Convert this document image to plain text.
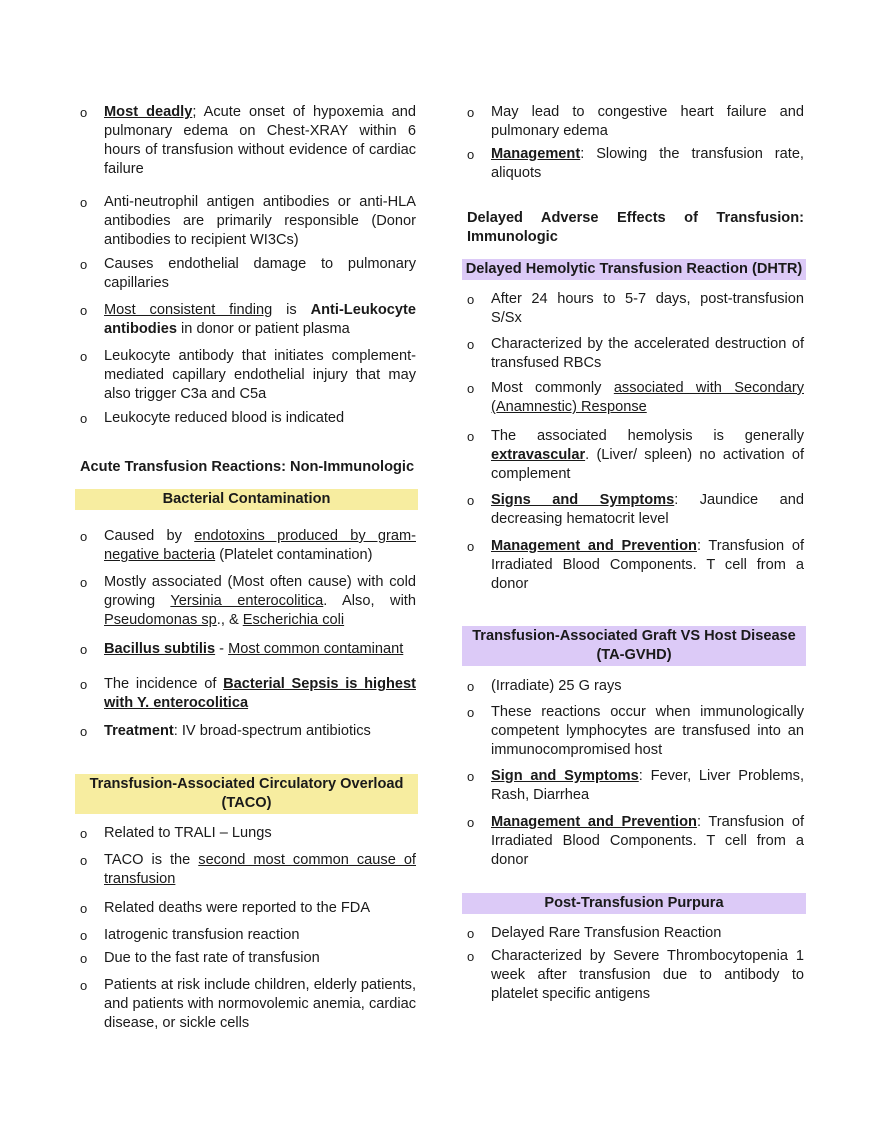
o Most deadly; Acute onset of hypoxemia and pulmonary edema on Chest-XRAY within 6 hours of transfusion without evidence of cardiac failure
o Anti-neutrophil antigen antibodies or anti-HLA antibodies are primarily responsible (Donor antibodies to recipient WI3Cs)
o Causes endothelial damage to pulmonary capillaries
o Most consistent finding is Anti-Leukocyte antibodies in donor or patient plasma
o Leukocyte antibody that initiates complement-mediated capillary endothelial injury that may also trigger C3a and C5a
o Leukocyte reduced blood is indicated
Acute Transfusion Reactions: Non-Immunologic
Bacterial Contamination
o Caused by endotoxins produced by gram-negative bacteria (Platelet contamination)
o Mostly associated (Most often cause) with cold growing Yersinia enterocolitica. Also, with Pseudomonas sp., & Escherichia coli
o Bacillus subtilis - Most common contaminant
o The incidence of Bacterial Sepsis is highest with Y. enterocolitica
o Treatment: IV broad-spectrum antibiotics
Transfusion-Associated Circulatory Overload (TACO)
o Related to TRALI – Lungs
o TACO is the second most common cause of transfusion
o Related deaths were reported to the FDA
o Iatrogenic transfusion reaction
o Due to the fast rate of transfusion
o Patients at risk include children, elderly patients, and patients with normovolemic anemia, cardiac disease, or sickle cells
o May lead to congestive heart failure and pulmonary edema
o Management: Slowing the transfusion rate, aliquots
Delayed Adverse Effects of Transfusion: Immunologic
Delayed Hemolytic Transfusion Reaction (DHTR)
o After 24 hours to 5-7 days, post-transfusion S/Sx
o Characterized by the accelerated destruction of transfused RBCs
o Most commonly associated with Secondary (Anamnestic) Response
o The associated hemolysis is generally extravascular. (Liver/ spleen) no activation of complement
o Signs and Symptoms: Jaundice and decreasing hematocrit level
o Management and Prevention: Transfusion of Irradiated Blood Components. T cell from a donor
Transfusion-Associated Graft VS Host Disease (TA-GVHD)
o (Irradiate) 25 G rays
o These reactions occur when immunologically competent lymphocytes are transfused into an immunocompromised host
o Sign and Symptoms: Fever, Liver Problems, Rash, Diarrhea
o Management and Prevention: Transfusion of Irradiated Blood Components. T cell from a donor
Post-Transfusion Purpura
o Delayed Rare Transfusion Reaction
o Characterized by Severe Thrombocytopenia 1 week after transfusion due to antibody to platelet specific antigens
